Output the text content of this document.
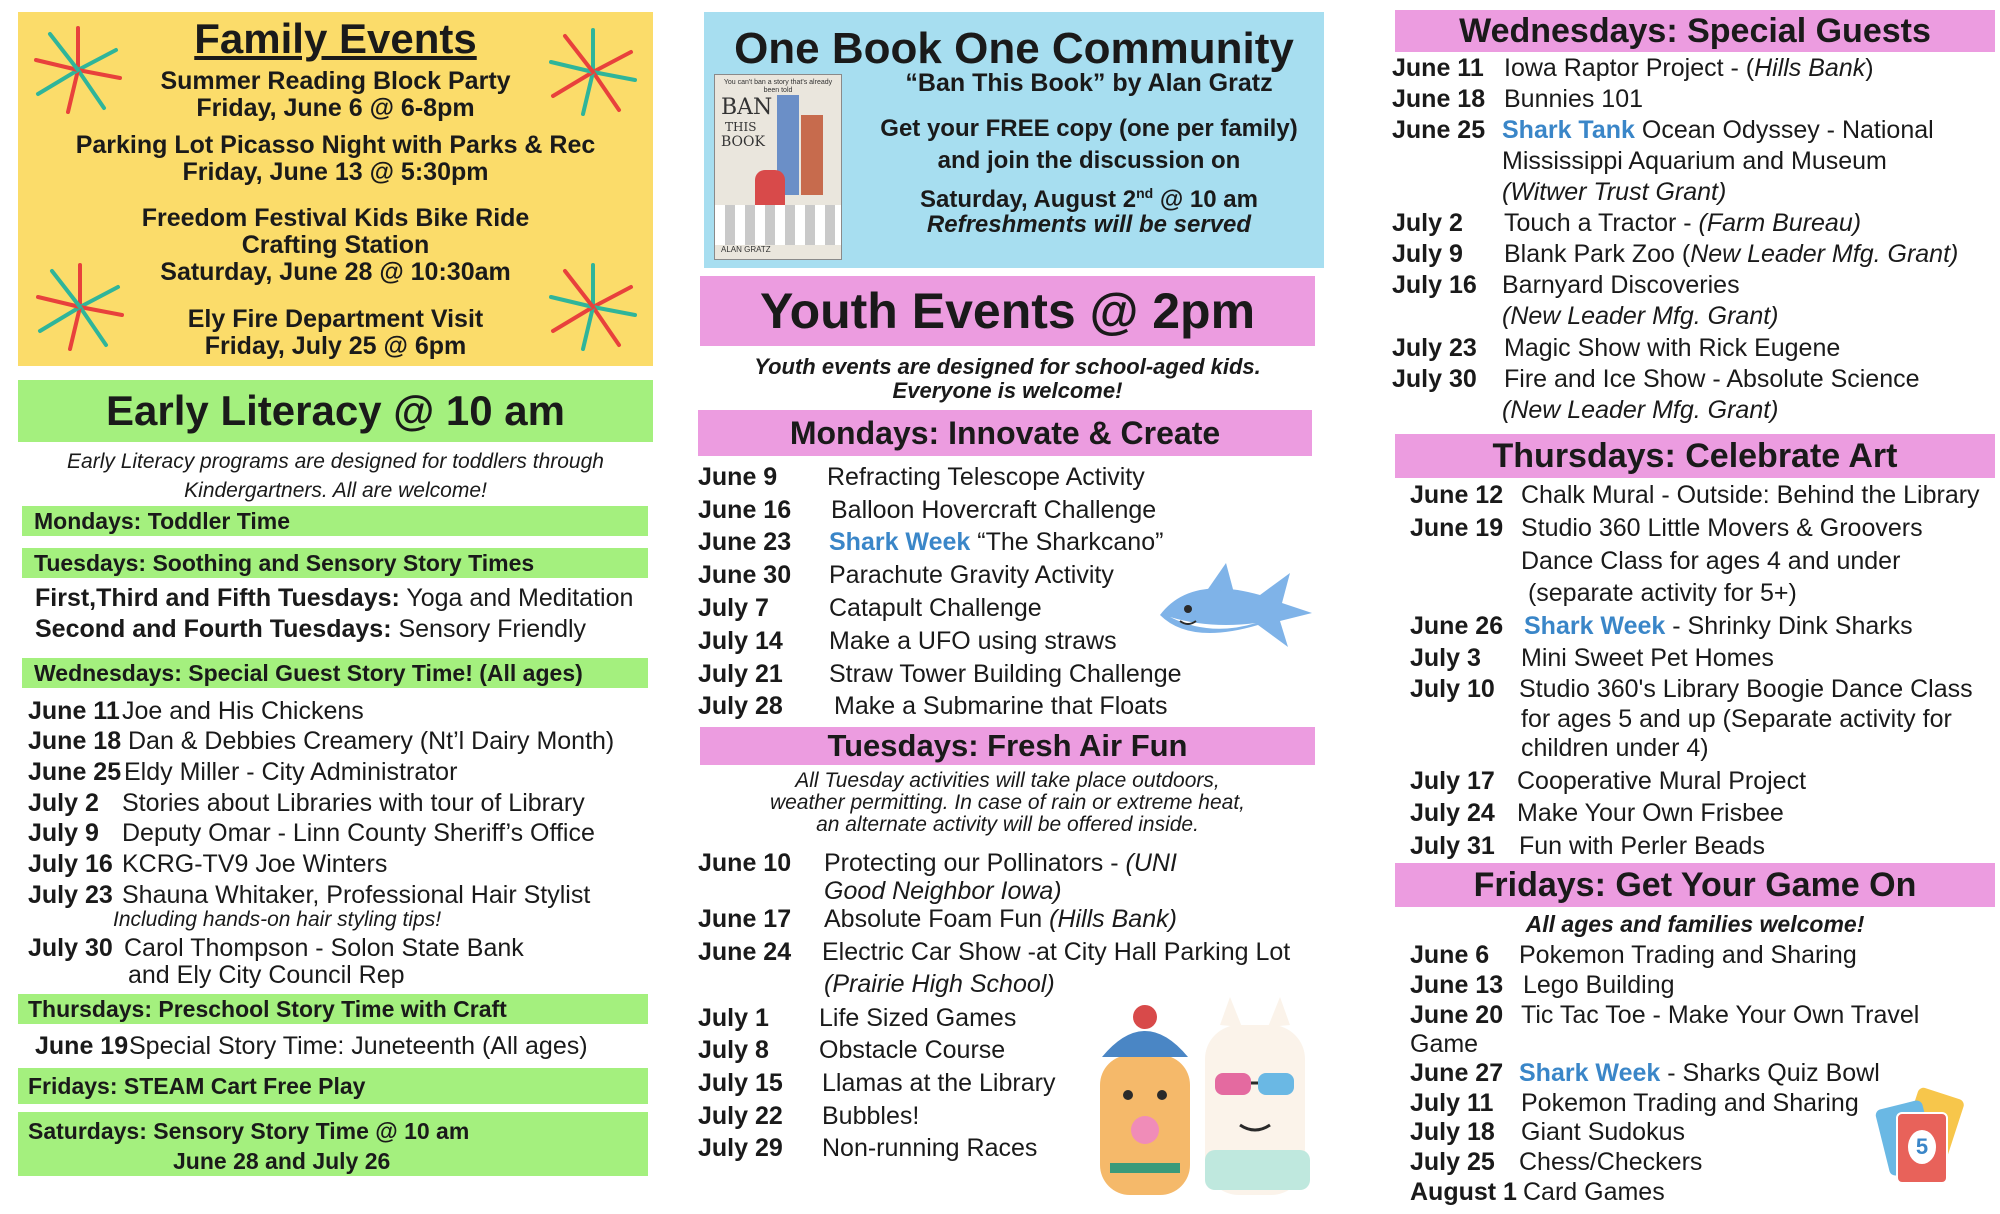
Family Events
Summer Reading Block Party
Friday, June 6 @ 6-8pm
Parking Lot Picasso Night with Parks & Rec
Friday, June 13 @ 5:30pm
Freedom Festival Kids Bike Ride
Crafting Station
Saturday, June 28 @ 10:30am
Ely Fire Department Visit
Friday, July 25 @ 6pm
Early Literacy @ 10 am
Early Literacy programs are designed for toddlers through
Kindergartners. All are welcome!
Mondays: Toddler Time
Tuesdays: Soothing and Sensory Story Times
First,Third and Fifth Tuesdays: Yoga and Meditation
Second and Fourth Tuesdays: Sensory Friendly
Wednesdays: Special Guest Story Time! (All ages)
June 11 Joe and His Chickens
June 18 Dan & Debbies Creamery (Nt’l Dairy Month)
June 25 Eldy Miller - City Administrator
July 2 Stories about Libraries with tour of Library
July 9 Deputy Omar - Linn County Sheriff’s Office
July 16 KCRG-TV9 Joe Winters
July 23 Shauna Whitaker, Professional Hair Stylist
Including hands-on hair styling tips!
July 30 Carol Thompson - Solon State Bank
and Ely City Council Rep
Thursdays: Preschool Story Time with Craft
June 19 Special Story Time: Juneteenth (All ages)
Fridays: STEAM Cart Free Play
Saturdays: Sensory Story Time @ 10 am
June 28 and July 26
One Book One Community
You can't ban a story that's already been told
BAN
THIS
BOOK
ALAN GRATZ
“Ban This Book” by Alan Gratz
Get your FREE copy (one per family)
and join the discussion on
Saturday, August 2nd @ 10 am
Refreshments will be served
Youth Events @ 2pm
Youth events are designed for school-aged kids.
Everyone is welcome!
Mondays: Innovate & Create
June 9 Refracting Telescope Activity
June 16 Balloon Hovercraft Challenge
June 23 Shark Week “The Sharkcano”
June 30 Parachute Gravity Activity
July 7 Catapult Challenge
July 14 Make a UFO using straws
July 21 Straw Tower Building Challenge
July 28 Make a Submarine that Floats
Tuesdays: Fresh Air Fun
All Tuesday activities will take place outdoors,
weather permitting. In case of rain or extreme heat,
an alternate activity will be offered inside.
June 10 Protecting our Pollinators - (UNI
Good Neighbor Iowa)
June 17 Absolute Foam Fun (Hills Bank)
June 24 Electric Car Show -at City Hall Parking Lot
(Prairie High School)
July 1 Life Sized Games
July 8 Obstacle Course
July 15 Llamas at the Library
July 22 Bubbles!
July 29 Non-running Races
Wednesdays: Special Guests
June 11 Iowa Raptor Project - (Hills Bank)
June 18 Bunnies 101
June 25 Shark Tank Ocean Odyssey - National
Mississippi Aquarium and Museum
(Witwer Trust Grant)
July 2 Touch a Tractor - (Farm Bureau)
July 9 Blank Park Zoo (New Leader Mfg. Grant)
July 16 Barnyard Discoveries
(New Leader Mfg. Grant)
July 23 Magic Show with Rick Eugene
July 30 Fire and Ice Show - Absolute Science
(New Leader Mfg. Grant)
Thursdays: Celebrate Art
June 12 Chalk Mural - Outside: Behind the Library
June 19 Studio 360 Little Movers & Groovers
Dance Class for ages 4 and under
(separate activity for 5+)
June 26 Shark Week - Shrinky Dink Sharks
July 3 Mini Sweet Pet Homes
July 10 Studio 360's Library Boogie Dance Class
for ages 5 and up (Separate activity for
children under 4)
July 17 Cooperative Mural Project
July 24 Make Your Own Frisbee
July 31 Fun with Perler Beads
Fridays: Get Your Game On
All ages and families welcome!
June 6 Pokemon Trading and Sharing
June 13 Lego Building
June 20 Tic Tac Toe - Make Your Own Travel
Game
June 27 Shark Week - Sharks Quiz Bowl
July 11 Pokemon Trading and Sharing
July 18 Giant Sudokus
July 25 Chess/Checkers
August 1 Card Games
5
